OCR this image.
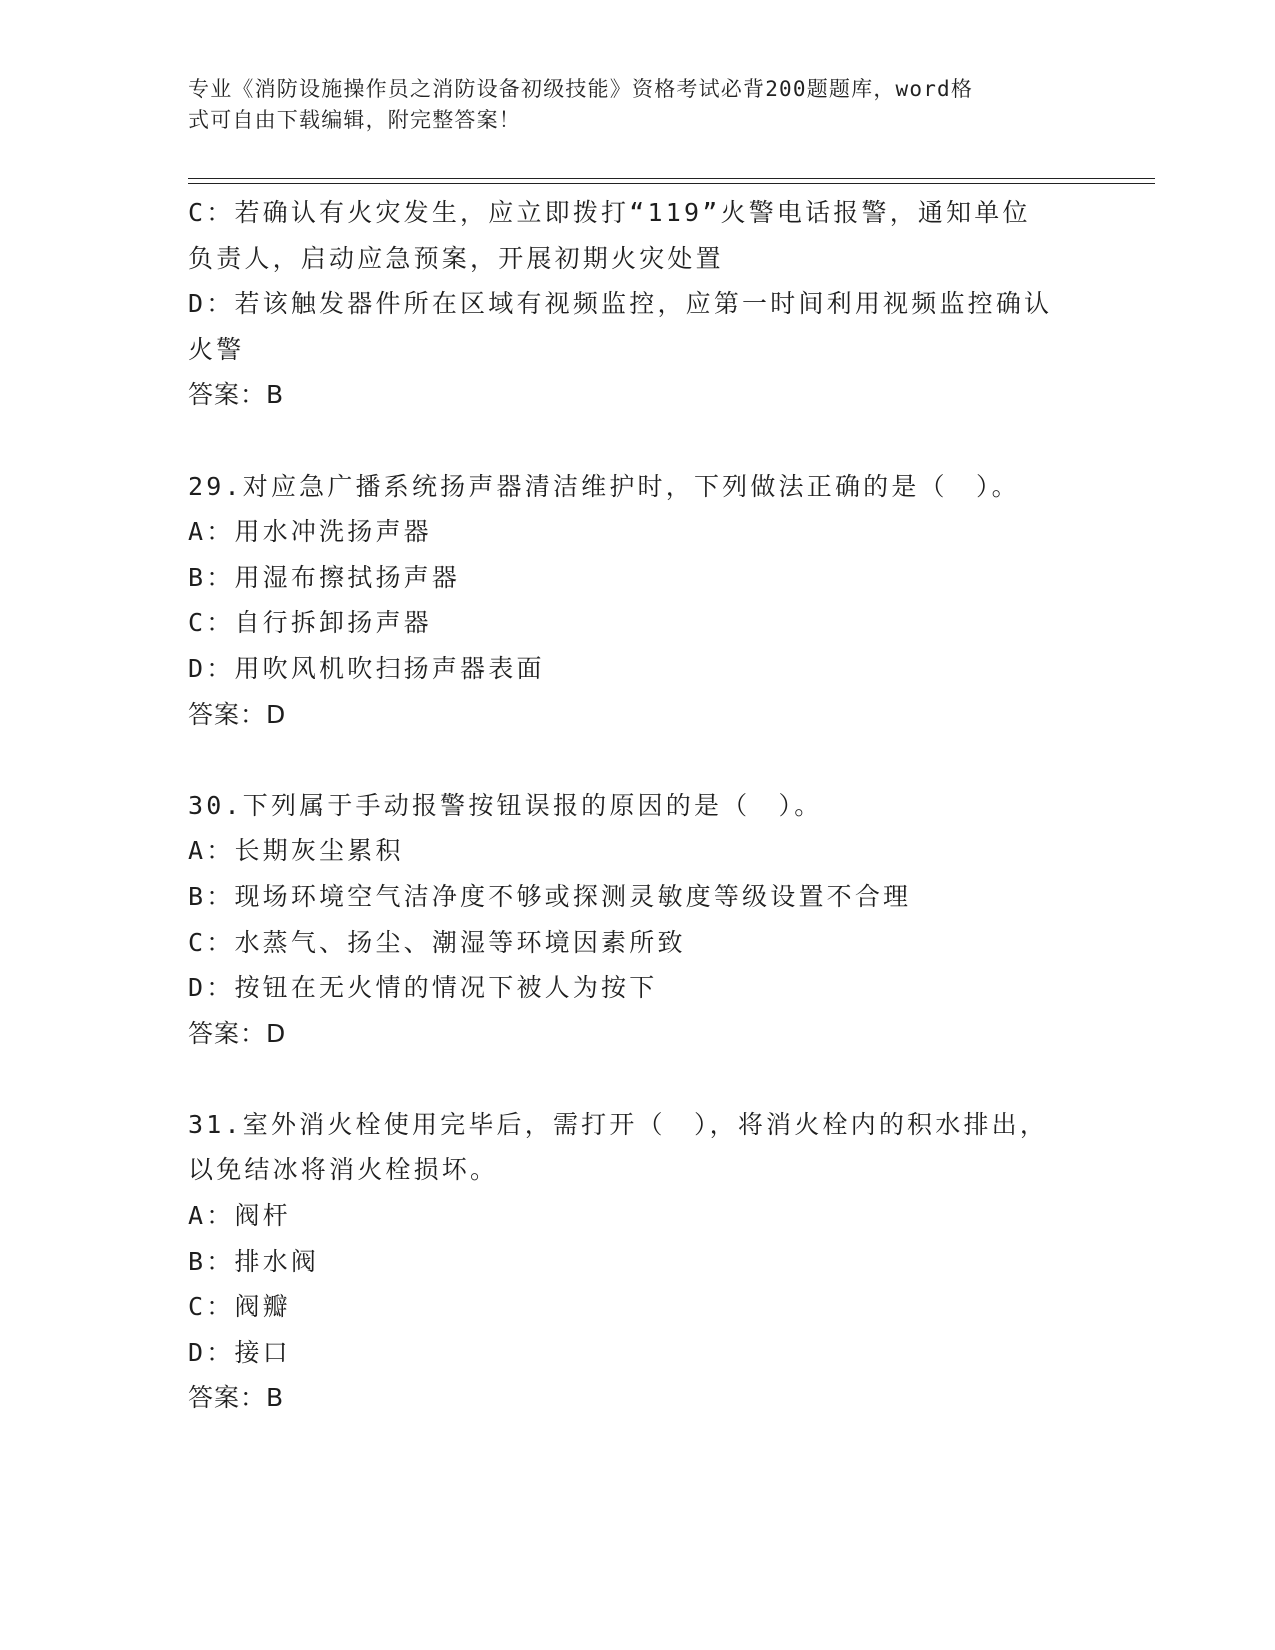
专业《消防设施操作员之消防设备初级技能》资格考试必背200题题库，word格
式可自由下载编辑，附完整答案！
C：若确认有火灾发生，应立即拨打“119”火警电话报警，通知单位
负责人，启动应急预案，开展初期火灾处置
D：若该触发器件所在区域有视频监控，应第一时间利用视频监控确认
火警
答案：B
29.对应急广播系统扬声器清洁维护时，下列做法正确的是（　）。
A：用水冲洗扬声器
B：用湿布擦拭扬声器
C：自行拆卸扬声器
D：用吹风机吹扫扬声器表面
答案：D
30.下列属于手动报警按钮误报的原因的是（　）。
A：长期灰尘累积
B：现场环境空气洁净度不够或探测灵敏度等级设置不合理
C：水蒸气、扬尘、潮湿等环境因素所致
D：按钮在无火情的情况下被人为按下
答案：D
31.室外消火栓使用完毕后，需打开（　），将消火栓内的积水排出，
以免结冰将消火栓损坏。
A：阀杆
B：排水阀
C：阀瓣
D：接口
答案：B
